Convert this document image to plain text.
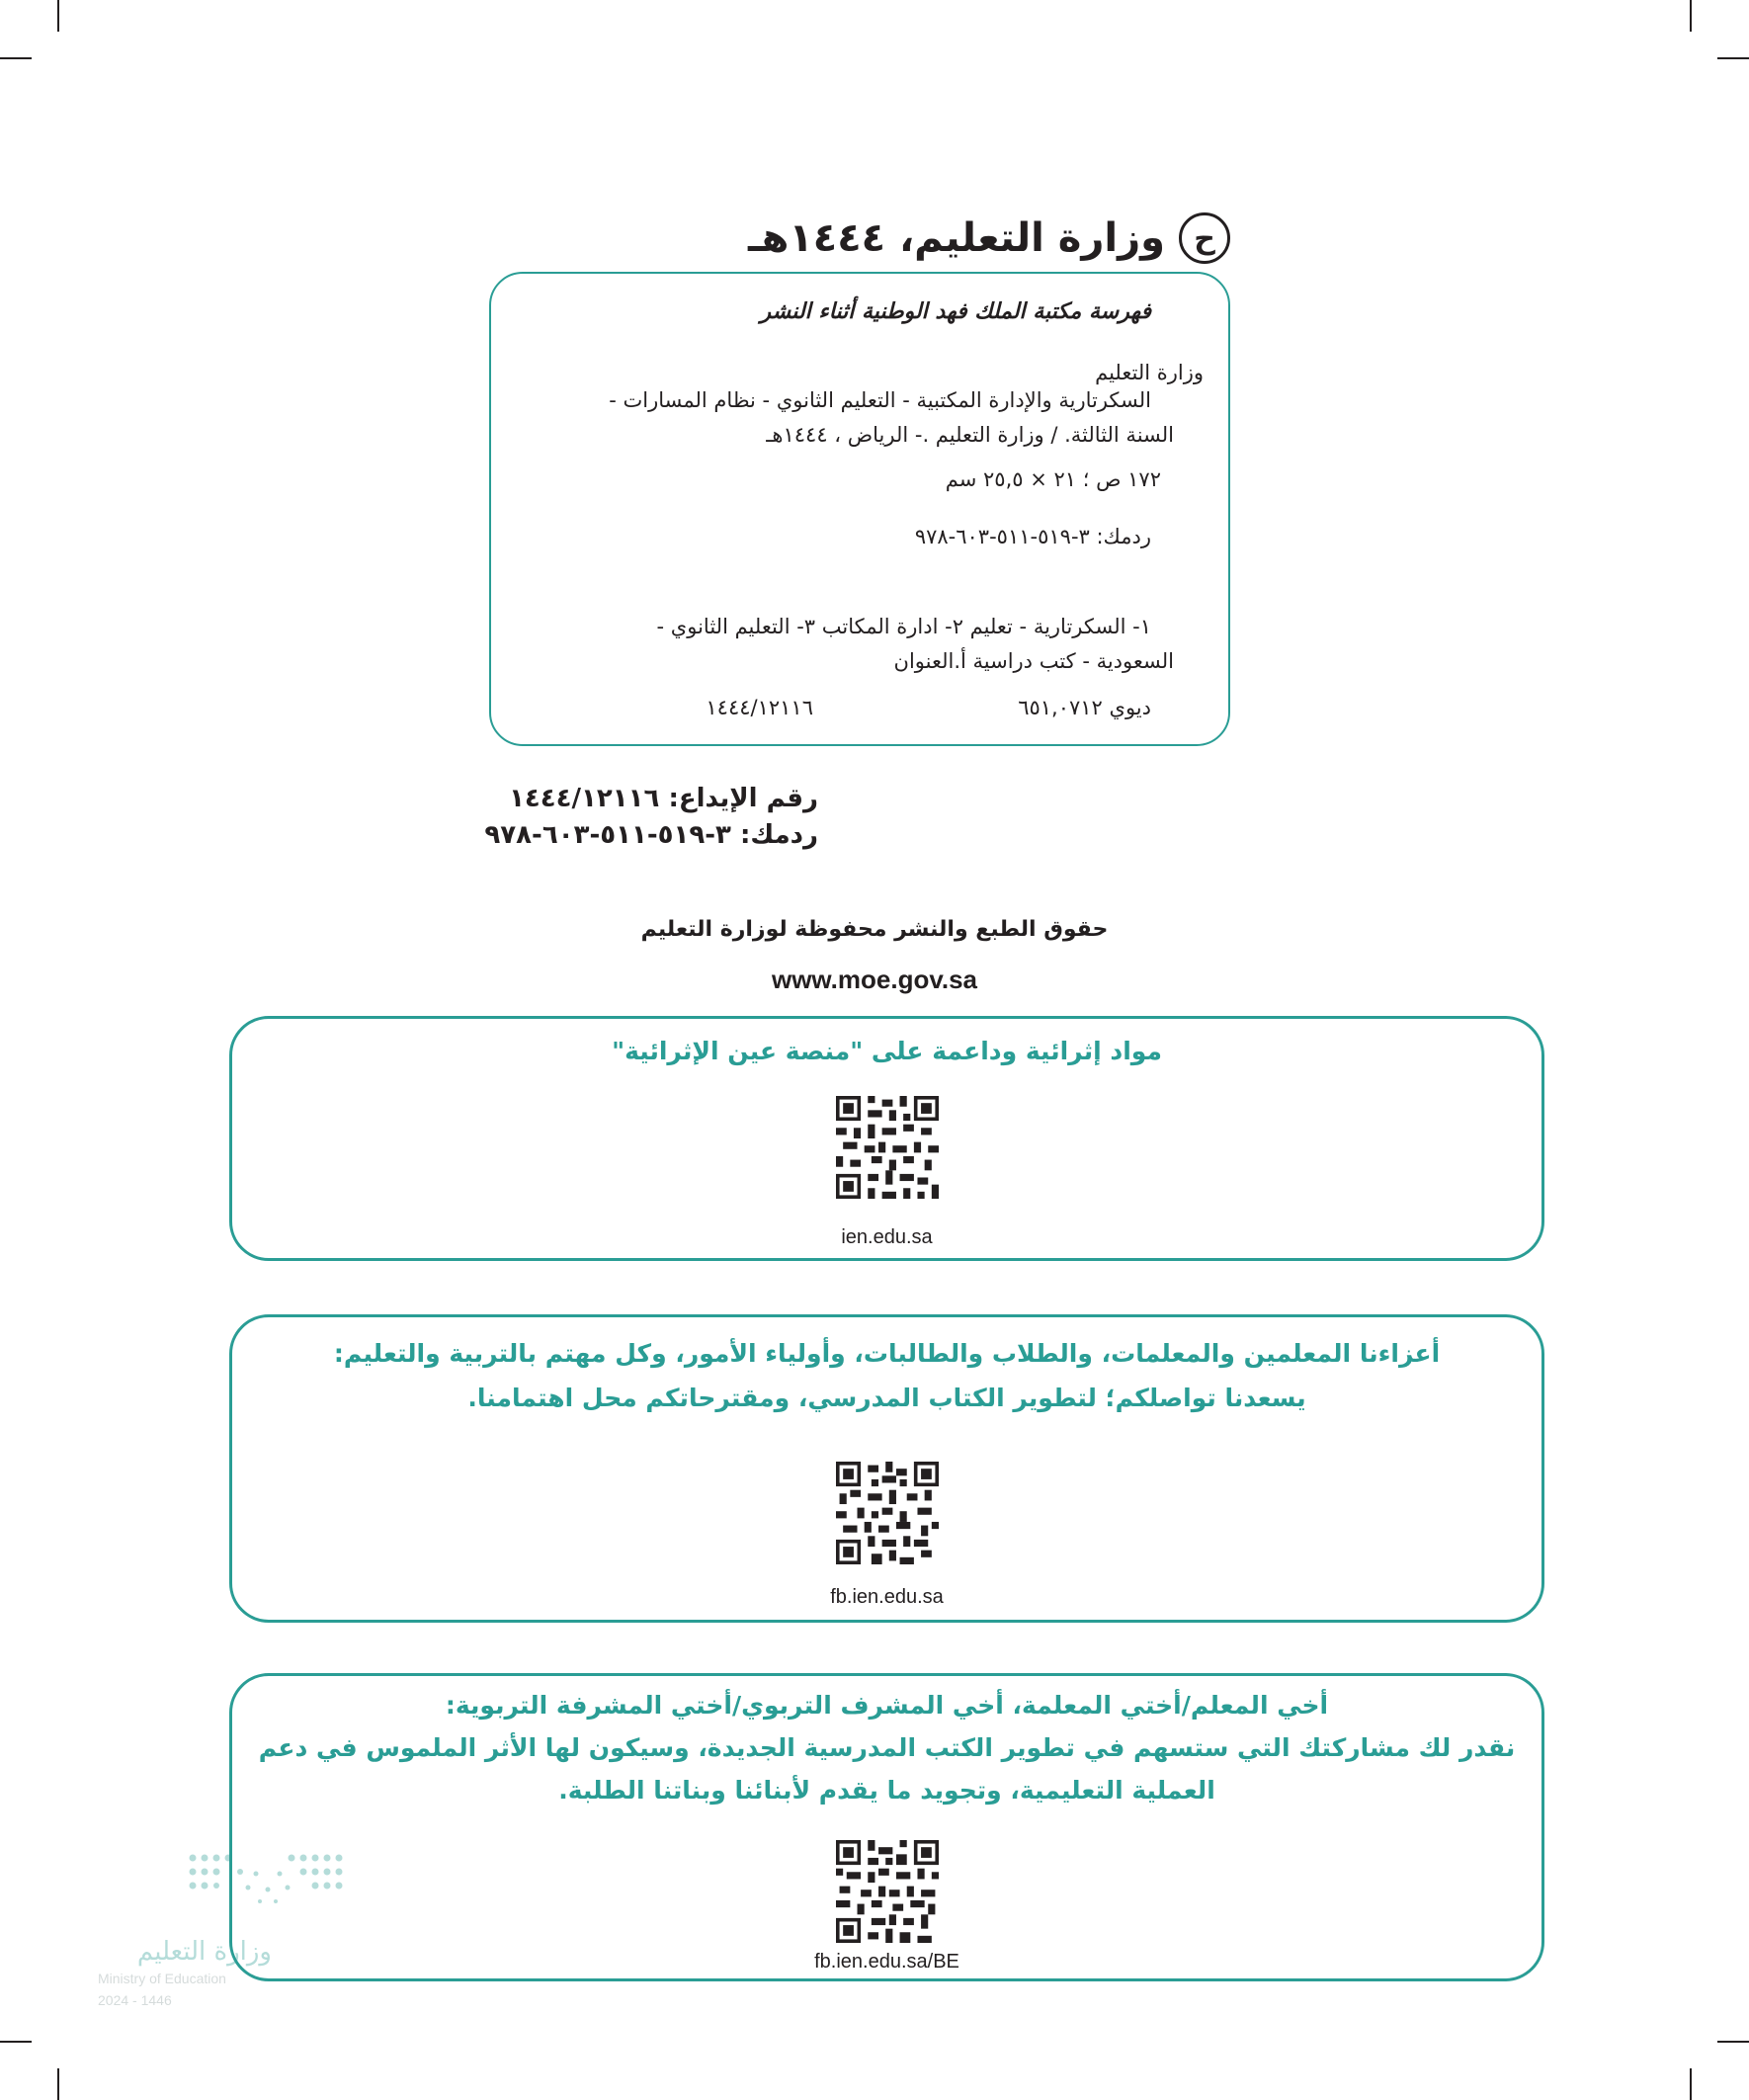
ح
وزارة التعليم، ١٤٤٤هـ
فهرسة مكتبة الملك فهد الوطنية أثناء النشر
وزارة التعليم
السكرتارية والإدارة المكتبية - التعليم الثانوي - نظام المسارات -
السنة الثالثة. / وزارة التعليم .- الرياض ، ١٤٤٤هـ
١٧٢ ص ؛ ٢١ × ٢٥,٥ سم
ردمك: ٣-٥١٩-٥١١-٦٠٣-٩٧٨
١- السكرتارية - تعليم ٢- ادارة المكاتب ٣- التعليم الثانوي -
السعودية - كتب دراسية أ.العنوان
ديوي ٦٥١,٠٧١٢
١٤٤٤/١٢١١٦
رقم الإيداع: ١٤٤٤/١٢١١٦
ردمك: ٣-٥١٩-٥١١-٦٠٣-٩٧٨
حقوق الطبع والنشر محفوظة لوزارة التعليم
www.moe.gov.sa
مواد إثرائية وداعمة على "منصة عين الإثرائية"
ien.edu.sa
أعزاءنا المعلمين والمعلمات، والطلاب والطالبات، وأولياء الأمور، وكل مهتم بالتربية والتعليم:
يسعدنا تواصلكم؛ لتطوير الكتاب المدرسي، ومقترحاتكم محل اهتمامنا.
fb.ien.edu.sa
أخي المعلم/أختي المعلمة، أخي المشرف التربوي/أختي المشرفة التربوية:
نقدر لك مشاركتك التي ستسهم في تطوير الكتب المدرسية الجديدة، وسيكون لها الأثر الملموس في دعم
العملية التعليمية، وتجويد ما يقدم لأبنائنا وبناتنا الطلبة.
fb.ien.edu.sa/BE
وزارة التعليم
Ministry of Education
2024 - 1446
